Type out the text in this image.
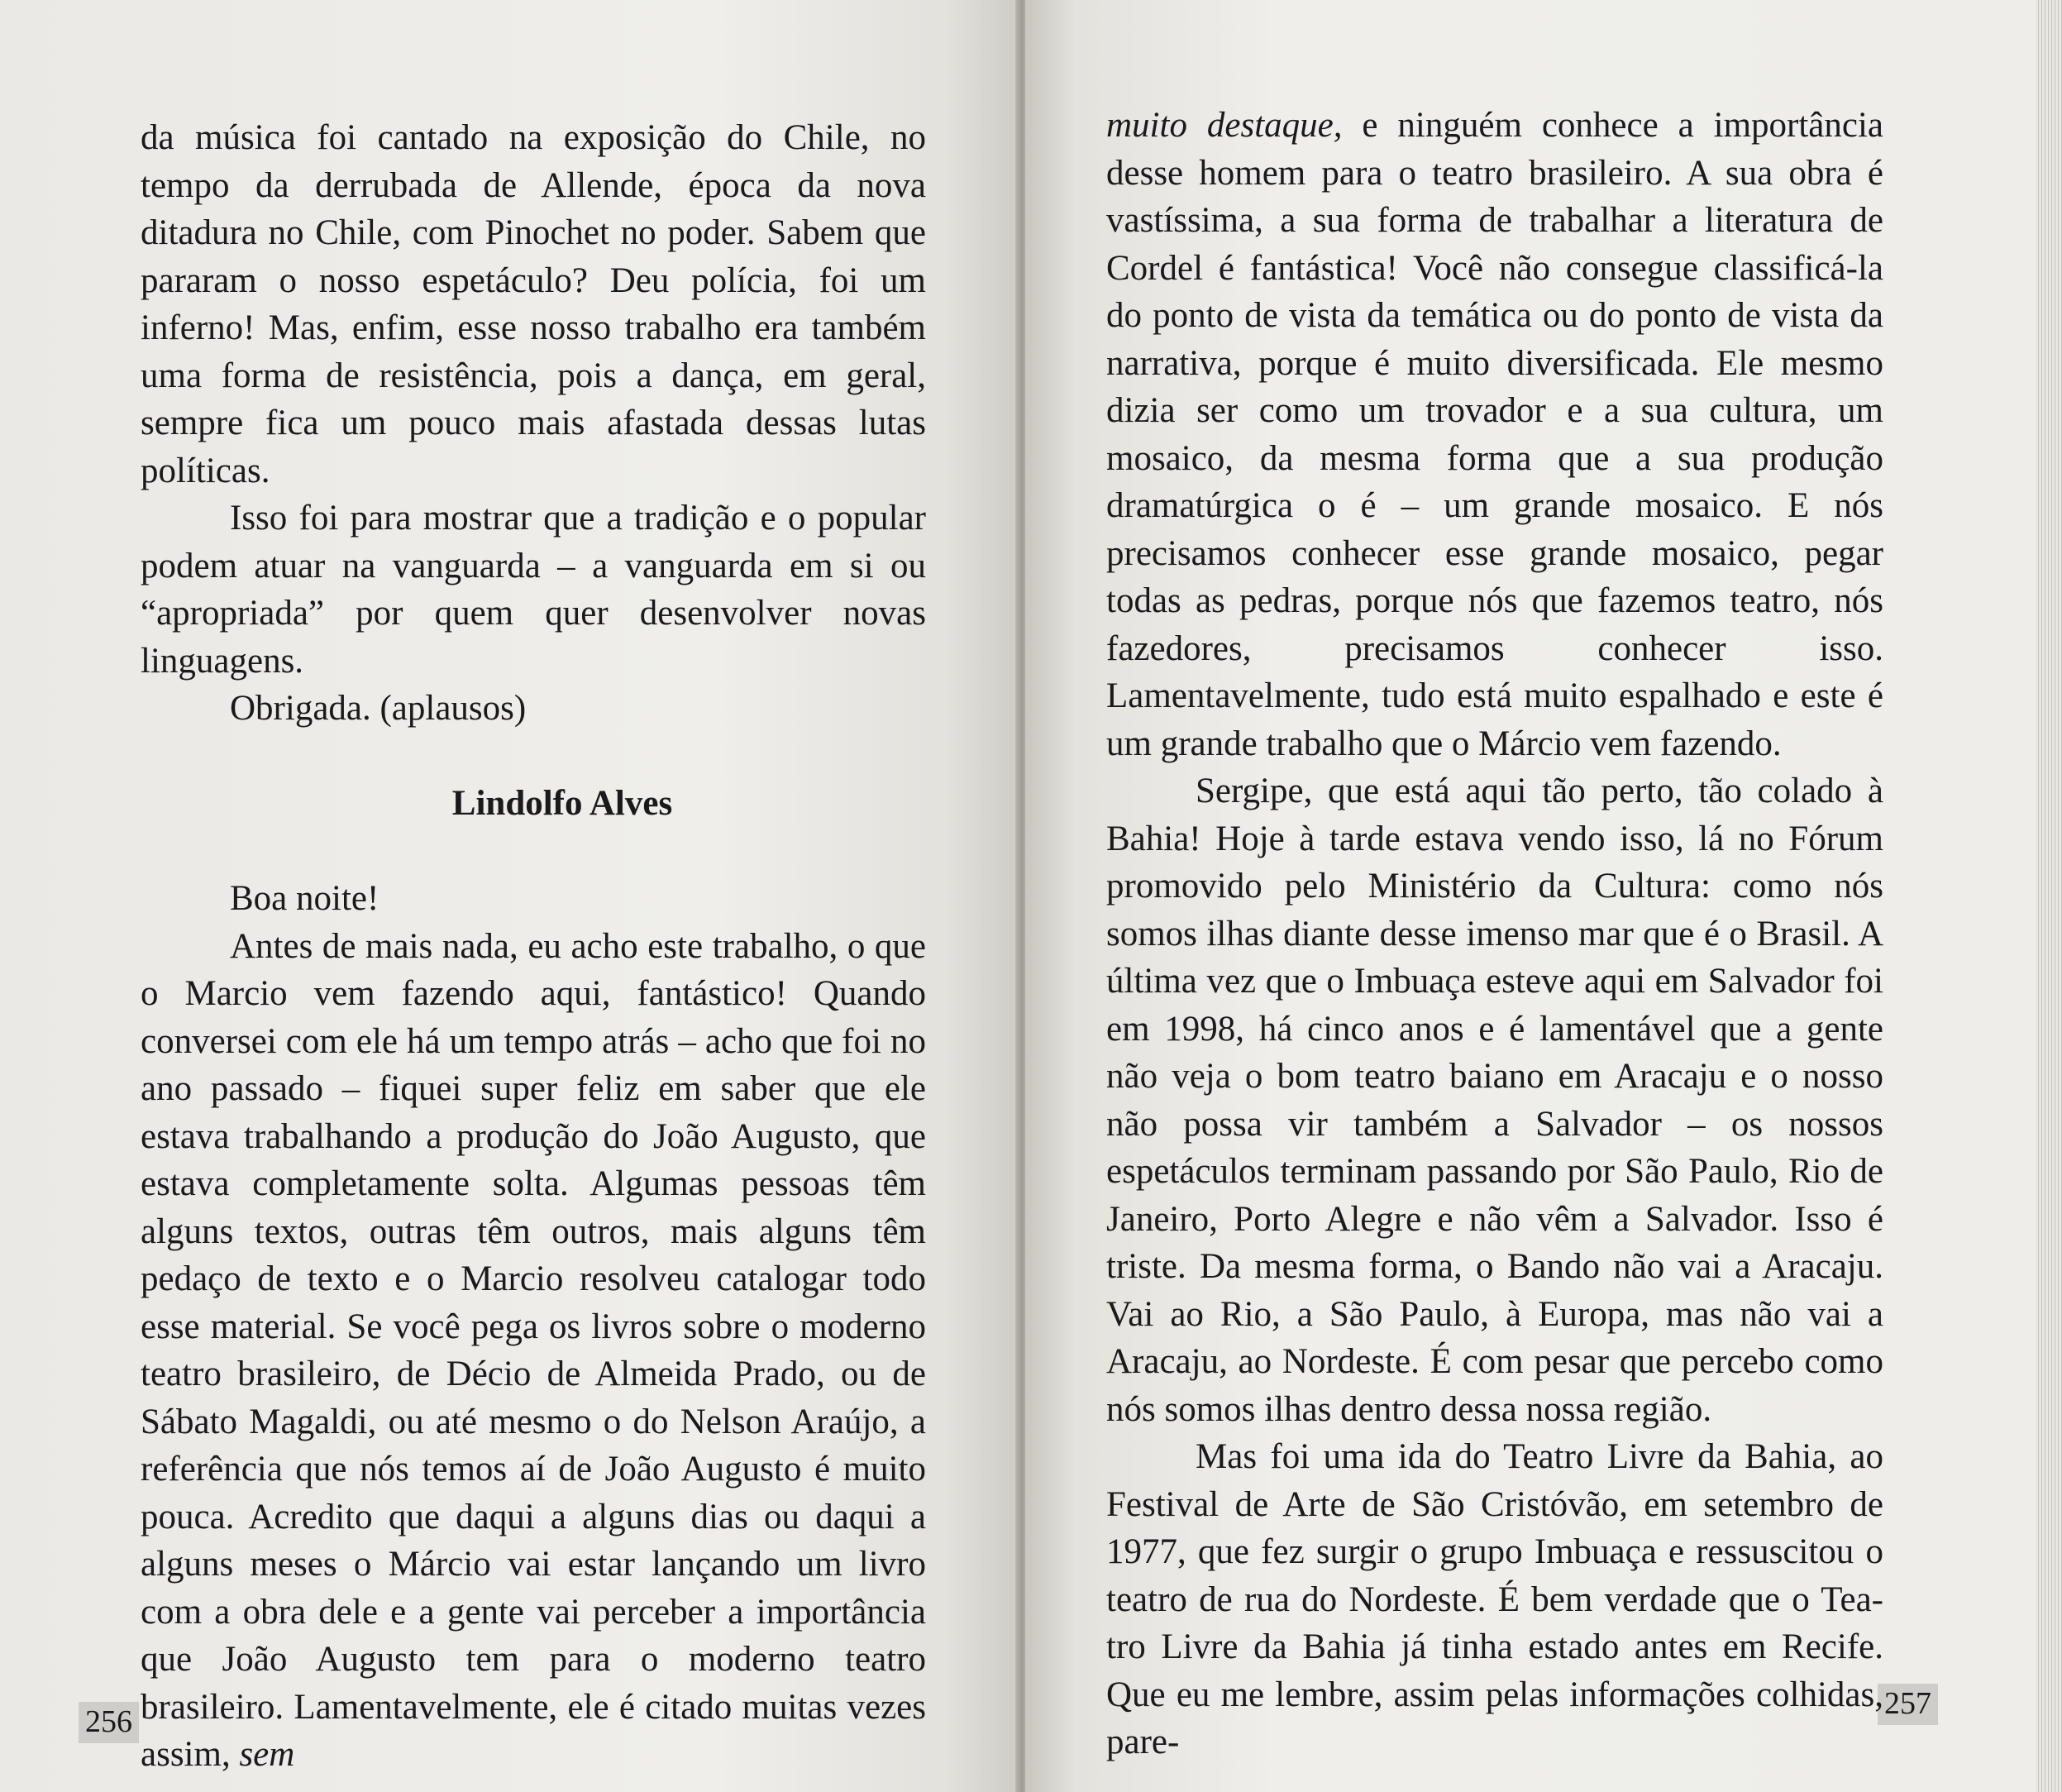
da música foi cantado na exposição do Chile, no tempo da derrubada de Allende, época da nova ditadura no Chile, com Pinochet no poder. Sabem que pararam o nosso espetáculo? Deu polícia, foi um inferno! Mas, enfim, esse nosso trabalho era também uma forma de resistência, pois a dança, em geral, sempre fica um pouco mais afastada dessas lutas políticas.

Isso foi para mostrar que a tradição e o popular podem atuar na vanguarda – a vanguarda em si ou “apropriada” por quem quer desenvolver novas linguagens.

Obrigada. (aplausos)

Lindolfo Alves

Boa noite!

Antes de mais nada, eu acho este trabalho, o que o Marcio vem fazendo aqui, fantástico! Quando conversei com ele há um tempo atrás – acho que foi no ano passado – fiquei super feliz em saber que ele estava trabalhando a produção do João Augusto, que estava completamente solta. Algumas pessoas têm alguns textos, outras têm outros, mais alguns têm pedaço de texto e o Marcio resolveu catalogar todo esse material. Se você pega os livros sobre o moderno teatro brasileiro, de Décio de Almeida Prado, ou de Sábato Magaldi, ou até mesmo o do Nelson Araújo, a referência que nós temos aí de João Augusto é muito pouca. Acredito que daqui a alguns dias ou daqui a alguns meses o Márcio vai estar lançando um livro com a obra dele e a gente vai perceber a importância que João Augusto tem para o moderno teatro brasileiro. Lamentavelmente, ele é citado muitas vezes assim, sem

256
257

muito destaque, e ninguém conhece a importância desse homem para o teatro brasileiro. A sua obra é vastíssima, a sua forma de trabalhar a literatura de Cordel é fantástica! Você não consegue classificá-la do ponto de vista da temática ou do ponto de vista da narrativa, porque é muito diversificada. Ele mesmo dizia ser como um trovador e a sua cultura, um mosaico, da mesma forma que a sua produção dramatúrgica o é – um grande mosaico. E nós precisamos conhecer esse grande mosaico, pegar todas as pedras, porque nós que fazemos teatro, nós fazedores, precisamos conhecer isso. Lamentavelmente, tudo está muito espalhado e este é um grande trabalho que o Márcio vem fazendo.

Sergipe, que está aqui tão perto, tão colado à Bahia! Hoje à tarde estava vendo isso, lá no Fórum promovido pelo Ministério da Cultura: como nós somos ilhas diante desse imenso mar que é o Brasil. A última vez que o Imbuaça esteve aqui em Salvador foi em 1998, há cinco anos e é lamentável que a gente não veja o bom teatro baiano em Aracaju e o nosso não possa vir também a Salvador – os nossos espetáculos terminam passando por São Paulo, Rio de Janeiro, Porto Alegre e não vêm a Salvador. Isso é triste. Da mesma forma, o Bando não vai a Aracaju. Vai ao Rio, a São Paulo, à Europa, mas não vai a Aracaju, ao Nordeste. É com pesar que percebo como nós somos ilhas dentro dessa nossa região.

Mas foi uma ida do Teatro Livre da Bahia, ao Festival de Arte de São Cristóvão, em setembro de 1977, que fez surgir o grupo Imbuaça e ressuscitou o teatro de rua do Nordeste. É bem verdade que o Tea-tro Livre da Bahia já tinha estado antes em Recife. Que eu me lembre, assim pelas informações colhidas, pare-
